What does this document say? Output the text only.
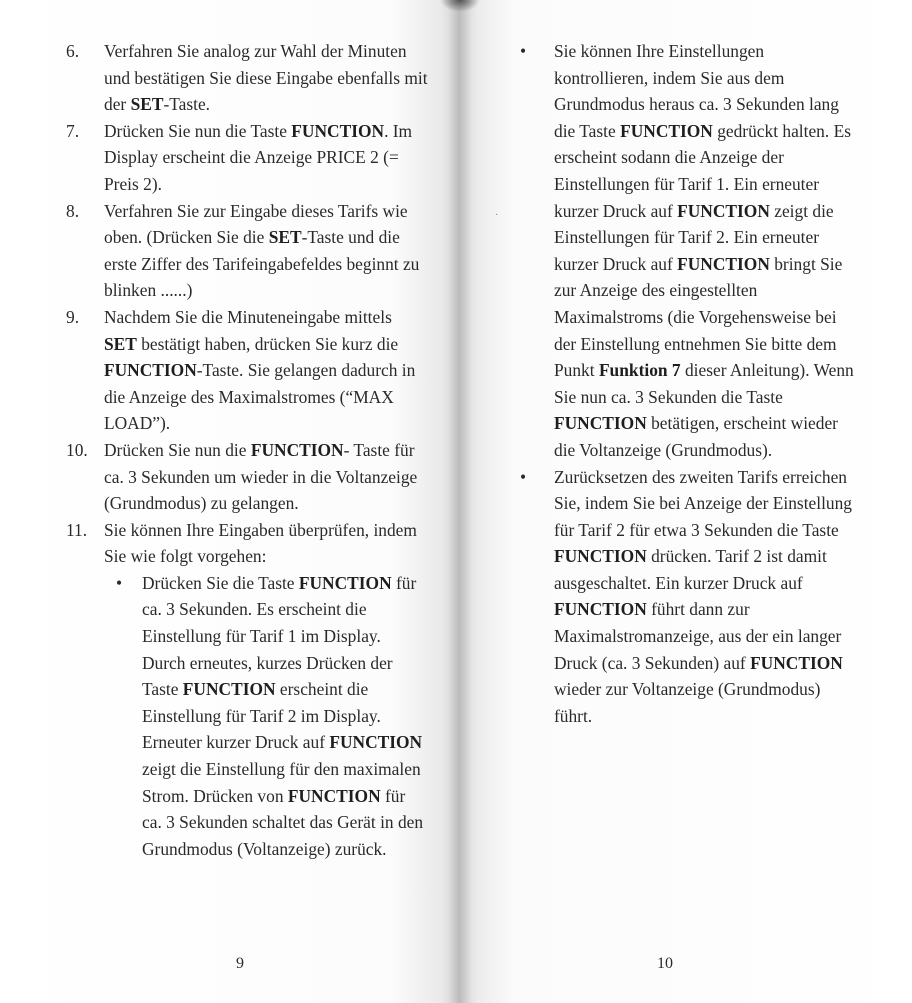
6.	Verfahren Sie analog zur Wahl der Minuten und bestätigen Sie diese Eingabe ebenfalls mit der SET-Taste.
7.	Drücken Sie nun die Taste FUNCTION. Im Display erscheint die Anzeige PRICE 2 (= Preis 2).
8.	Verfahren Sie zur Eingabe dieses Tarifs wie oben. (Drücken Sie die SET-Taste und die erste Ziffer des Tarifeingabefeldes beginnt zu blinken ......)
9.	Nachdem Sie die Minuteneingabe mittels SET bestätigt haben, drücken Sie kurz die FUNCTION-Taste. Sie gelangen dadurch in die Anzeige des Maximalstromes (“MAX LOAD”).
10. Drücken Sie nun die FUNCTION- Taste für ca. 3 Sekunden um wieder in die Voltanzeige (Grundmodus) zu gelangen.
11. Sie können Ihre Eingaben überprüfen, indem Sie wie folgt vorgehen:
• Drücken Sie die Taste FUNCTION für ca. 3 Sekunden. Es erscheint die Einstellung für Tarif 1 im Display. Durch erneutes, kurzes Drücken der Taste FUNCTION erscheint die Einstellung für Tarif 2 im Display. Erneuter kurzer Druck auf FUNCTION zeigt die Einstellung für den maximalen Strom. Drücken von FUNCTION für ca. 3 Sekunden schaltet das Gerät in den Grundmodus (Voltanzeige) zurück.
9
·
• Sie können Ihre Einstellungen kontrollieren, indem Sie aus dem Grundmodus heraus ca. 3 Sekunden lang die Taste FUNCTION gedrückt halten. Es erscheint sodann die Anzeige der Einstellungen für Tarif 1. Ein erneuter kurzer Druck auf FUNCTION zeigt die Einstellungen für Tarif 2. Ein erneuter kurzer Druck auf FUNCTION bringt Sie zur Anzeige des eingestellten Maximalstroms (die Vorgehensweise bei der Einstellung entnehmen Sie bitte dem Punkt Funktion 7 dieser Anleitung). Wenn Sie nun ca. 3 Sekunden die Taste FUNCTION betätigen, erscheint wieder die Voltanzeige (Grundmodus).
• Zurücksetzen des zweiten Tarifs erreichen Sie, indem Sie bei Anzeige der Einstellung für Tarif 2 für etwa 3 Sekunden die Taste FUNCTION drücken. Tarif 2 ist damit ausgeschaltet. Ein kurzer Druck auf FUNCTION führt dann zur Maximalstromanzeige, aus der ein langer Druck (ca. 3 Sekunden) auf FUNCTION wieder zur Voltanzeige (Grundmodus) führt.
10
